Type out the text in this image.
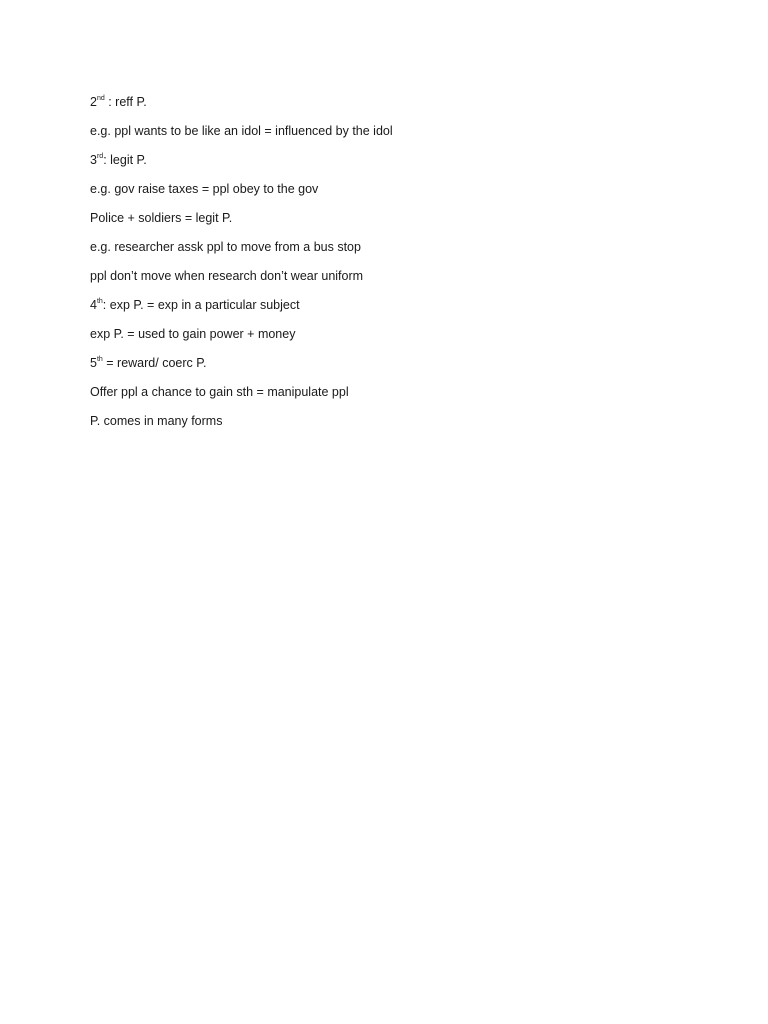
2nd : reff P.
e.g. ppl wants to be like an idol = influenced by the idol
3rd: legit P.
e.g. gov raise taxes = ppl obey to the gov
Police + soldiers = legit P.
e.g. researcher assk ppl to move from a bus stop
ppl don’t move when research don’t wear uniform
4th: exp P. = exp in a particular subject
exp P. = used to gain power + money
5th = reward/ coerc P.
Offer ppl a chance to gain sth = manipulate ppl
P. comes in many forms
